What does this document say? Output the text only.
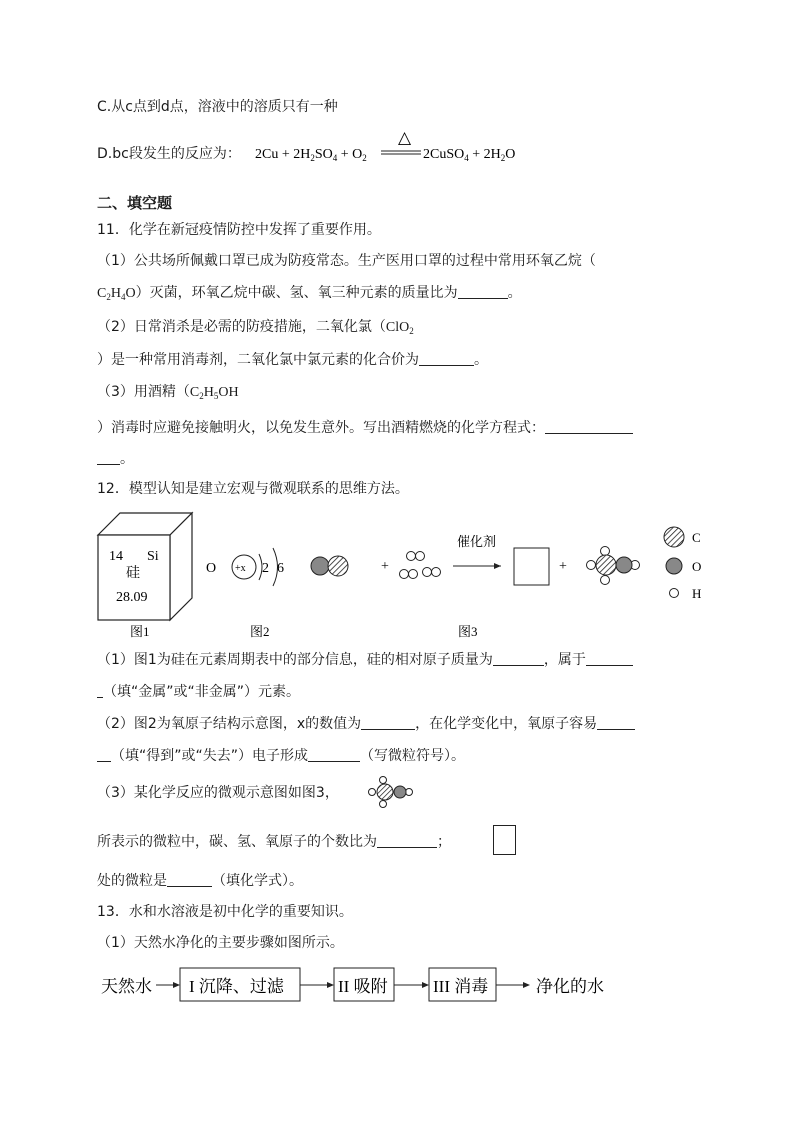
C.从c点到d点，溶液中的溶质只有一种
D.bc段发生的反应为： $2Cu + 2H_2SO_4 + O_2$
△
2CuSO$_4$ + $2H_2O$
二、填空题
11．化学在新冠疫情防控中发挥了重要作用。
（1）公共场所佩戴口罩已成为防疫常态。生产医用口罩的过程中常用环氧乙烷（
$C_2H_4O$）灭菌，环氧乙烷中碳、氢、氧三种元素的质量比为	。
（2）日常消杀是必需的防疫措施，二氧化氯（ClO$_2$
）是一种常用消毒剂，二氧化氯中氯元素的化合价为	。
（3）用酒精（$C_2H_5OH$
）消毒时应避免接触明火，以免发生意外。写出酒精燃烧的化学方程式：
。
12．模型认知是建立宏观与微观联系的思维方法。
14 Si
硅
28.09
图1
O +x 2 6
图2
+
催化剂
+
图3
C
O
H
（1）图1为硅在元素周期表中的部分信息，硅的相对原子质量为	，属于
（填“金属”或“非金属”）元素。
（2）图2为氧原子结构示意图，x的数值为	，在化学变化中，氧原子容易
（填“得到”或“失去”）电子形成	（写微粒符号）。
（3）某化学反应的微观示意图如图3，
所表示的微粒中，碳、氢、氧原子的个数比为	；
处的微粒是	（填化学式）。
13．水和水溶液是初中化学的重要知识。
（1）天然水净化的主要步骤如图所示。
天然水 I 沉降、过滤	II 吸附	III 消毒	净化的水
